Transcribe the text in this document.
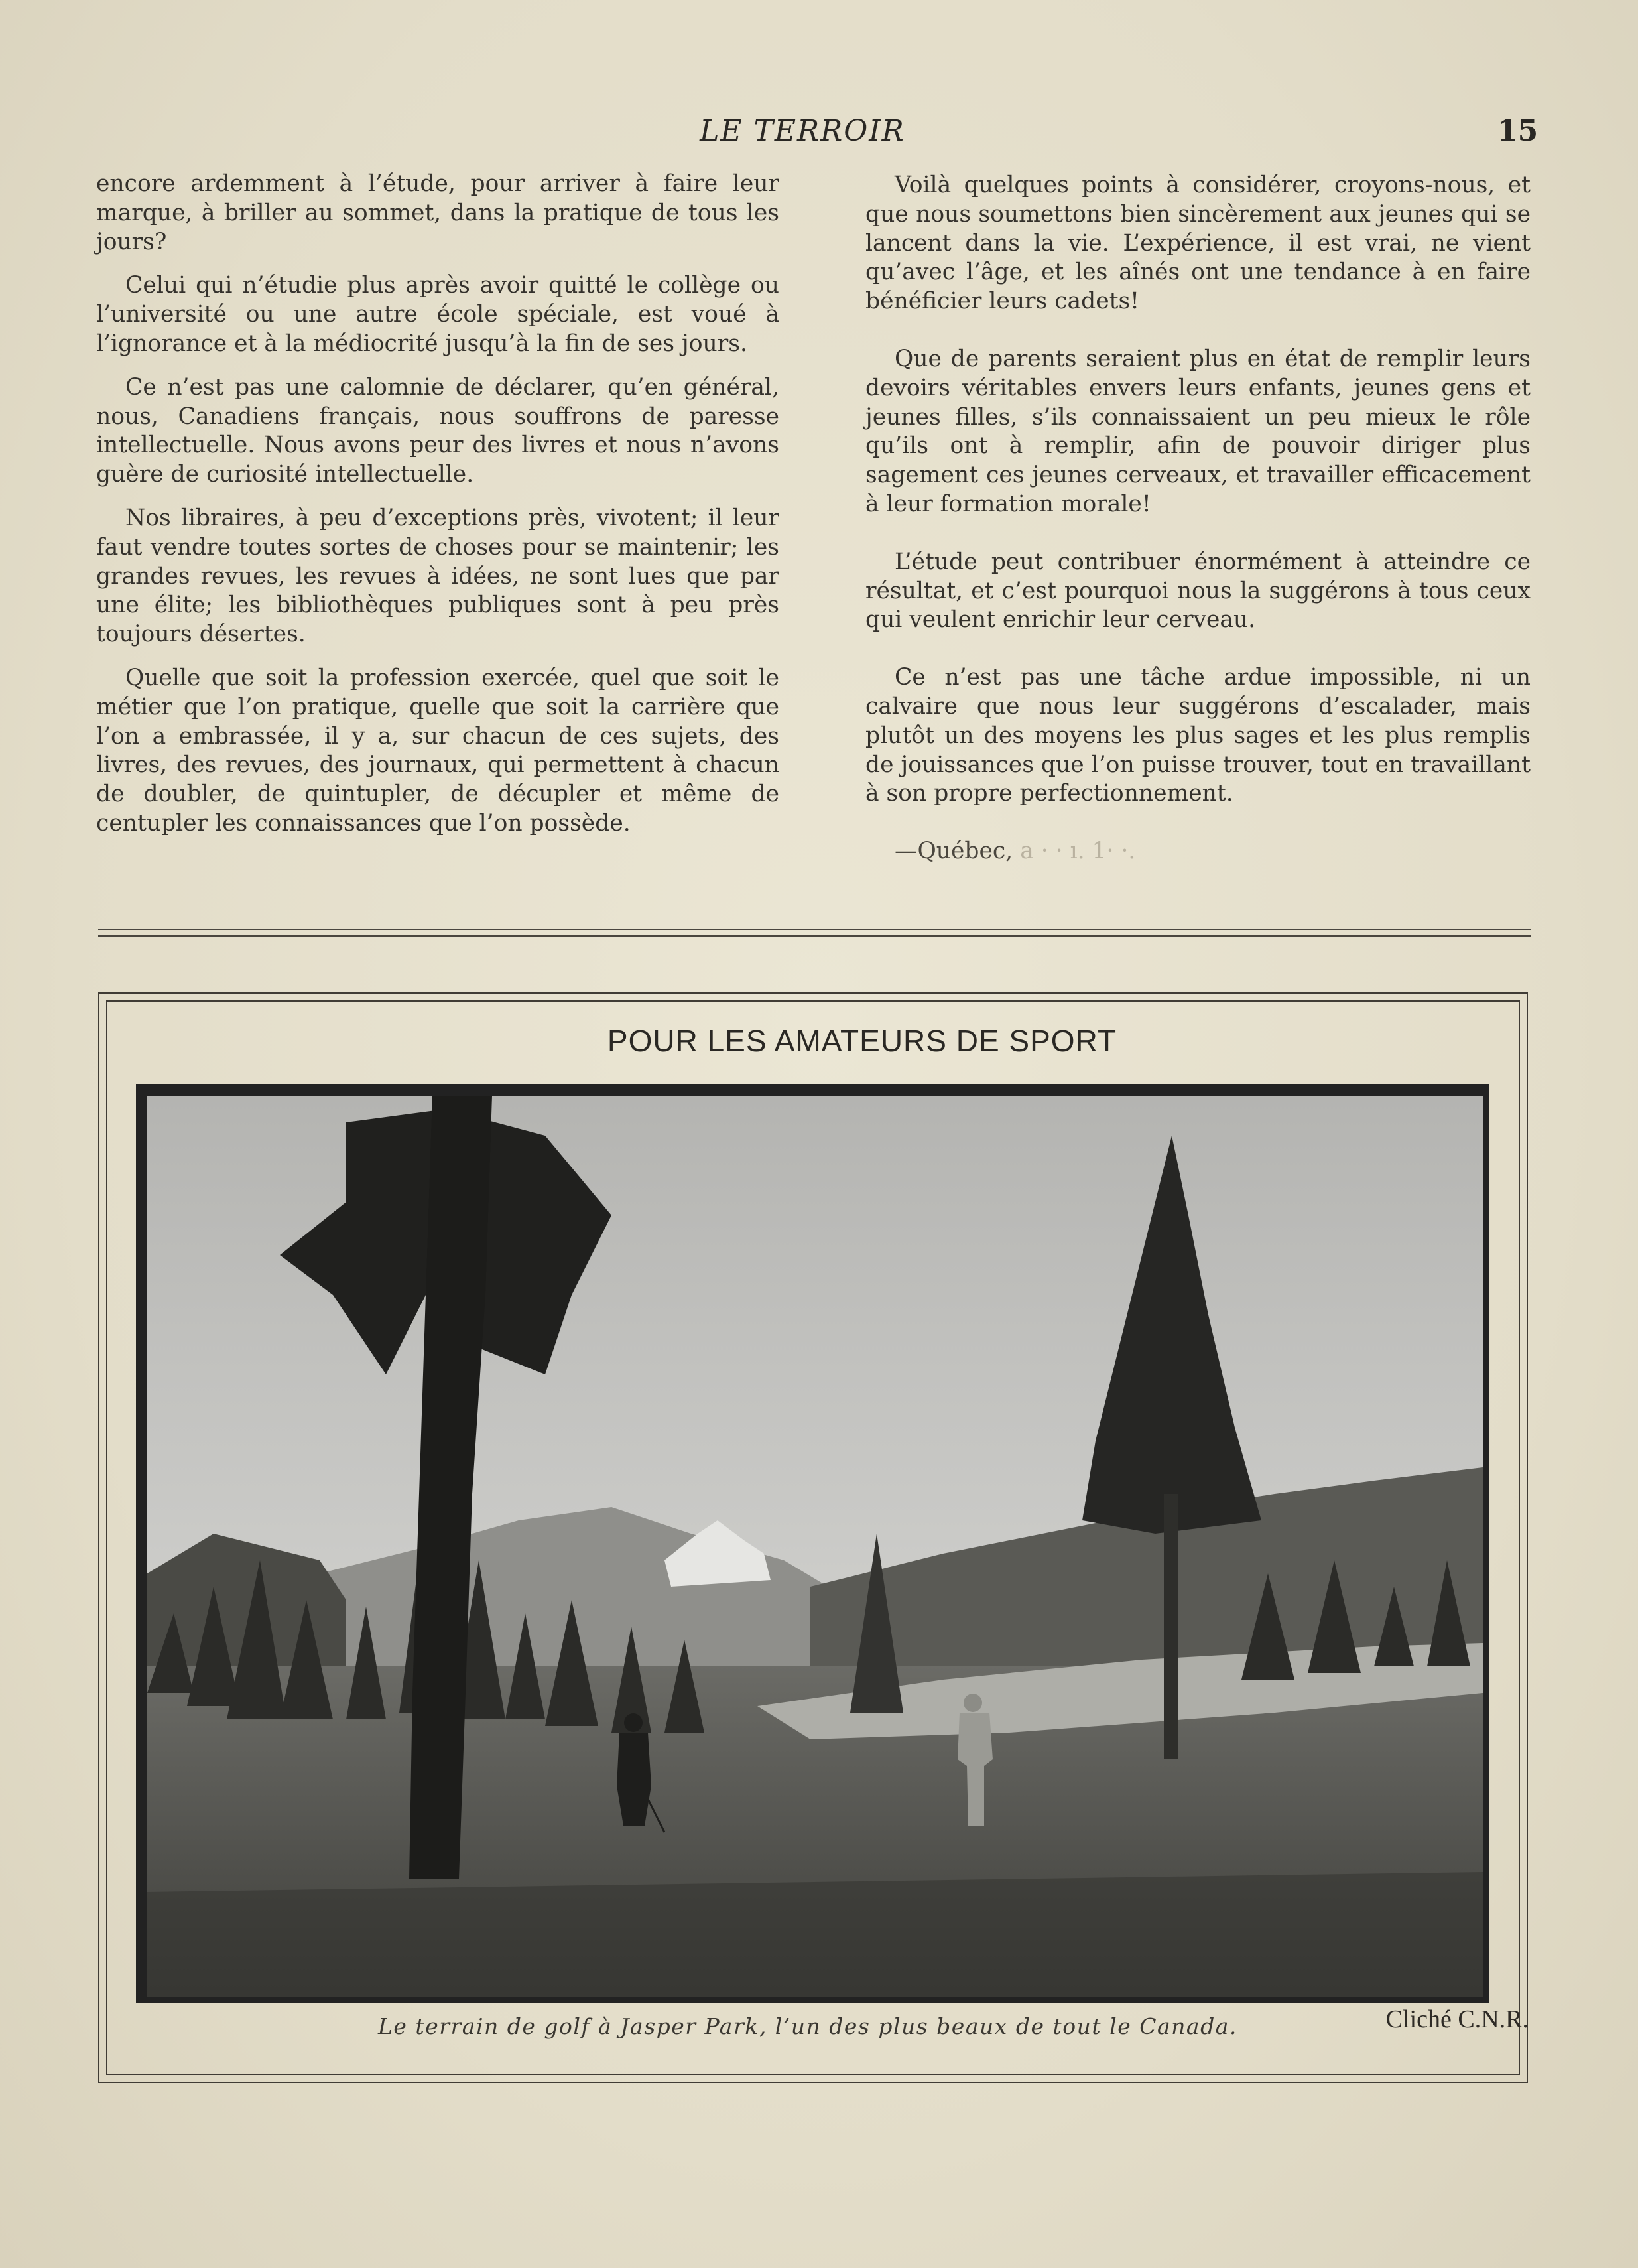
LE TERROIR	15

encore ardemment à l’étude, pour arriver à faire leur marque, à briller au sommet, dans la pratique de tous les jours?

Celui qui n’étudie plus après avoir quitté le collège ou l’université ou une autre école spéciale, est voué à l’ignorance et à la médiocrité jusqu’à la fin de ses jours.

Ce n’est pas une calomnie de déclarer, qu’en général, nous, Canadiens français, nous souffrons de paresse intellectuelle. Nous avons peur des livres et nous n’avons guère de curiosité intellectuelle.

Nos libraires, à peu d’exceptions près, vivotent; il leur faut vendre toutes sortes de choses pour se maintenir; les grandes revues, les revues à idées, ne sont lues que par une élite; les bibliothèques publiques sont à peu près toujours désertes.

Quelle que soit la profession exercée, quel que soit le métier que l’on pratique, quelle que soit la carrière que l’on a embrassée, il y a, sur chacun de ces sujets, des livres, des revues, des journaux, qui permettent à chacun de doubler, de quintupler, de décupler et même de centupler les connaissances que l’on possède.

Voilà quelques points à considérer, croyons-nous, et que nous soumettons bien sincèrement aux jeunes qui se lancent dans la vie. L’expérience, il est vrai, ne vient qu’avec l’âge, et les aînés ont une tendance à en faire bénéficier leurs cadets!

Que de parents seraient plus en état de remplir leurs devoirs véritables envers leurs enfants, jeunes gens et jeunes filles, s’ils connaissaient un peu mieux le rôle qu’ils ont à remplir, afin de pouvoir diriger plus sagement ces jeunes cerveaux, et travailler efficacement à leur formation morale!

L’étude peut contribuer énormément à atteindre ce résultat, et c’est pourquoi nous la suggérons à tous ceux qui veulent enrichir leur cerveau.

Ce n’est pas une tâche ardue impossible, ni un calvaire que nous leur suggérons d’escalader, mais plutôt un des moyens les plus sages et les plus remplis de jouissances que l’on puisse trouver, tout en travaillant à son propre perfectionnement.

—Québec, a · · ı. 1· ·.

POUR LES AMATEURS DE SPORT
Le terrain de golf à Jasper Park, l’un des plus beaux de tout le Canada.	Cliché C.N.R.
